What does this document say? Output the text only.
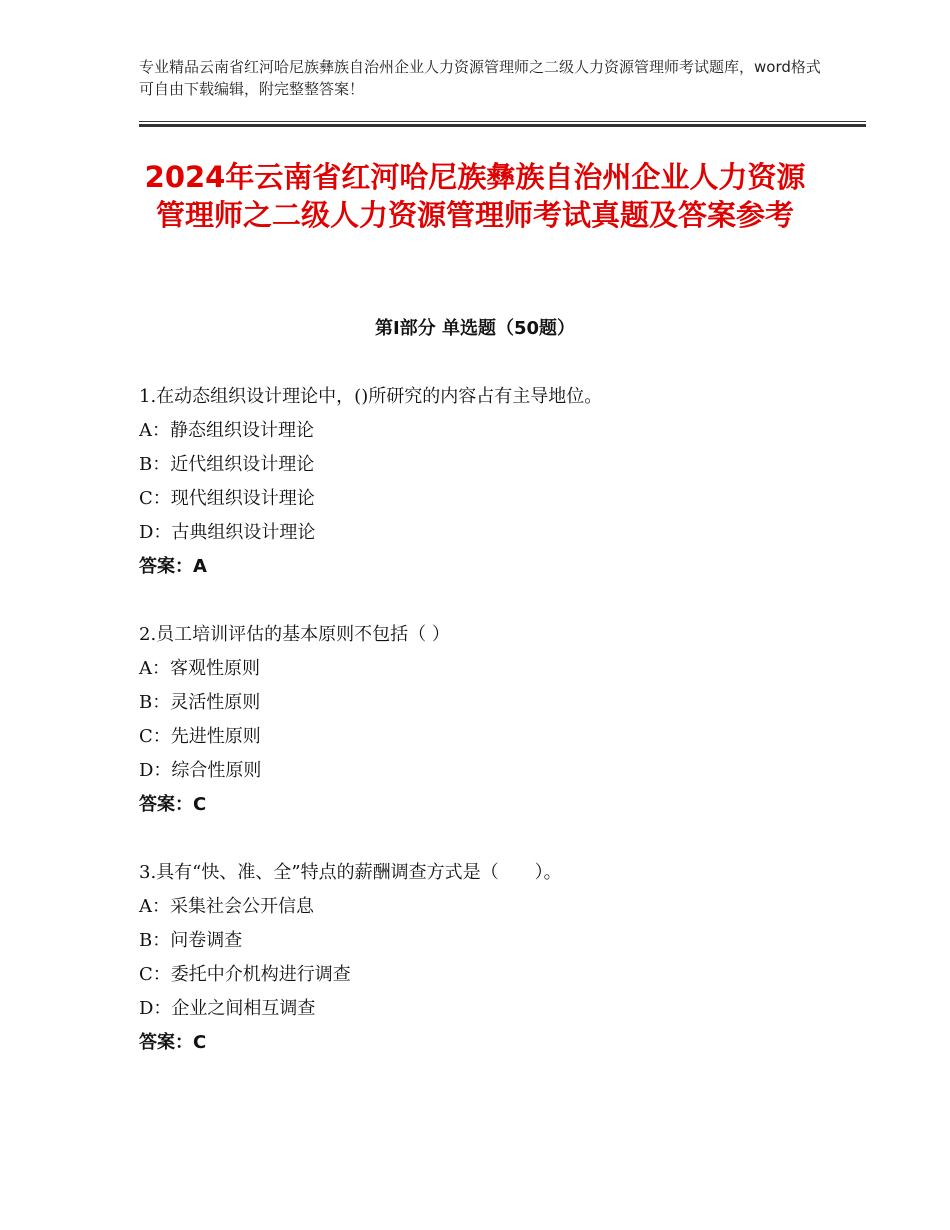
专业精品云南省红河哈尼族彝族自治州企业人力资源管理师之二级人力资源管理师考试题库，word格式可自由下载编辑，附完整整答案！
2024年云南省红河哈尼族彝族自治州企业人力资源管理师之二级人力资源管理师考试真题及答案参考
第Ⅰ部分 单选题（50题）
1.在动态组织设计理论中，()所研究的内容占有主导地位。
A：静态组织设计理论
B：近代组织设计理论
C：现代组织设计理论
D：古典组织设计理论
答案：A
2.员工培训评估的基本原则不包括（ ）
A：客观性原则
B：灵活性原则
C：先进性原则
D：综合性原则
答案：C
3.具有“快、准、全”特点的薪酬调查方式是（　　）。
A：采集社会公开信息
B：问卷调查
C：委托中介机构进行调查
D：企业之间相互调查
答案：C
